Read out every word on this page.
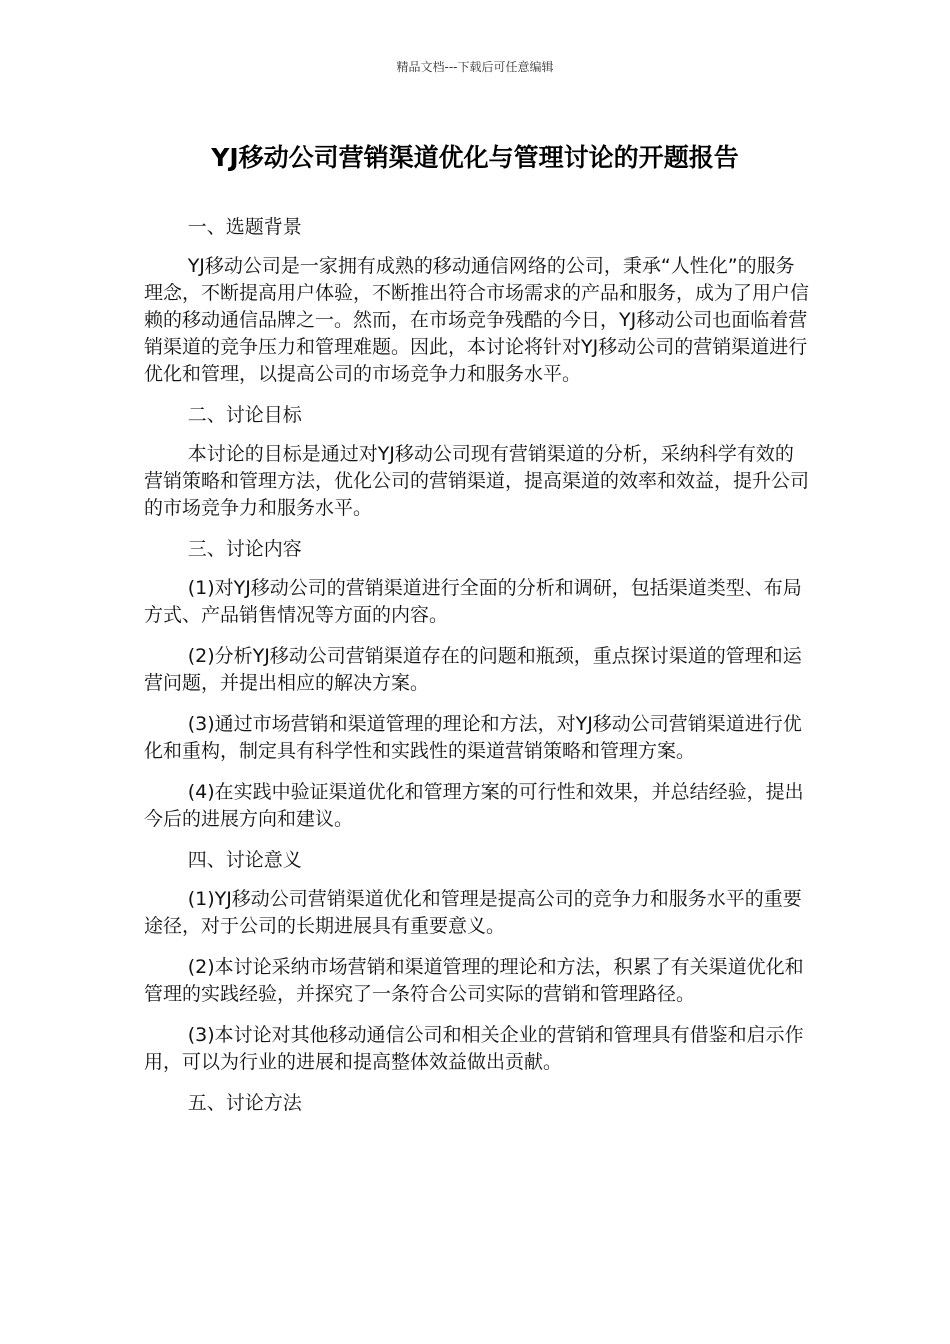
精品文档---下载后可任意编辑
YJ移动公司营销渠道优化与管理讨论的开题报告

一、选题背景

YJ移动公司是一家拥有成熟的移动通信网络的公司，秉承“人性化”的服务理念，不断提高用户体验，不断推出符合市场需求的产品和服务，成为了用户信赖的移动通信品牌之一。然而，在市场竞争残酷的今日，YJ移动公司也面临着营销渠道的竞争压力和管理难题。因此，本讨论将针对YJ移动公司的营销渠道进行优化和管理，以提高公司的市场竞争力和服务水平。

二、讨论目标

本讨论的目标是通过对YJ移动公司现有营销渠道的分析，采纳科学有效的营销策略和管理方法，优化公司的营销渠道，提高渠道的效率和效益，提升公司的市场竞争力和服务水平。

三、讨论内容

(1)对YJ移动公司的营销渠道进行全面的分析和调研，包括渠道类型、布局方式、产品销售情况等方面的内容。

(2)分析YJ移动公司营销渠道存在的问题和瓶颈，重点探讨渠道的管理和运营问题，并提出相应的解决方案。

(3)通过市场营销和渠道管理的理论和方法，对YJ移动公司营销渠道进行优化和重构，制定具有科学性和实践性的渠道营销策略和管理方案。

(4)在实践中验证渠道优化和管理方案的可行性和效果，并总结经验，提出今后的进展方向和建议。

四、讨论意义

(1)YJ移动公司营销渠道优化和管理是提高公司的竞争力和服务水平的重要途径，对于公司的长期进展具有重要意义。

(2)本讨论采纳市场营销和渠道管理的理论和方法，积累了有关渠道优化和管理的实践经验，并探究了一条符合公司实际的营销和管理路径。

(3)本讨论对其他移动通信公司和相关企业的营销和管理具有借鉴和启示作用，可以为行业的进展和提高整体效益做出贡献。

五、讨论方法
